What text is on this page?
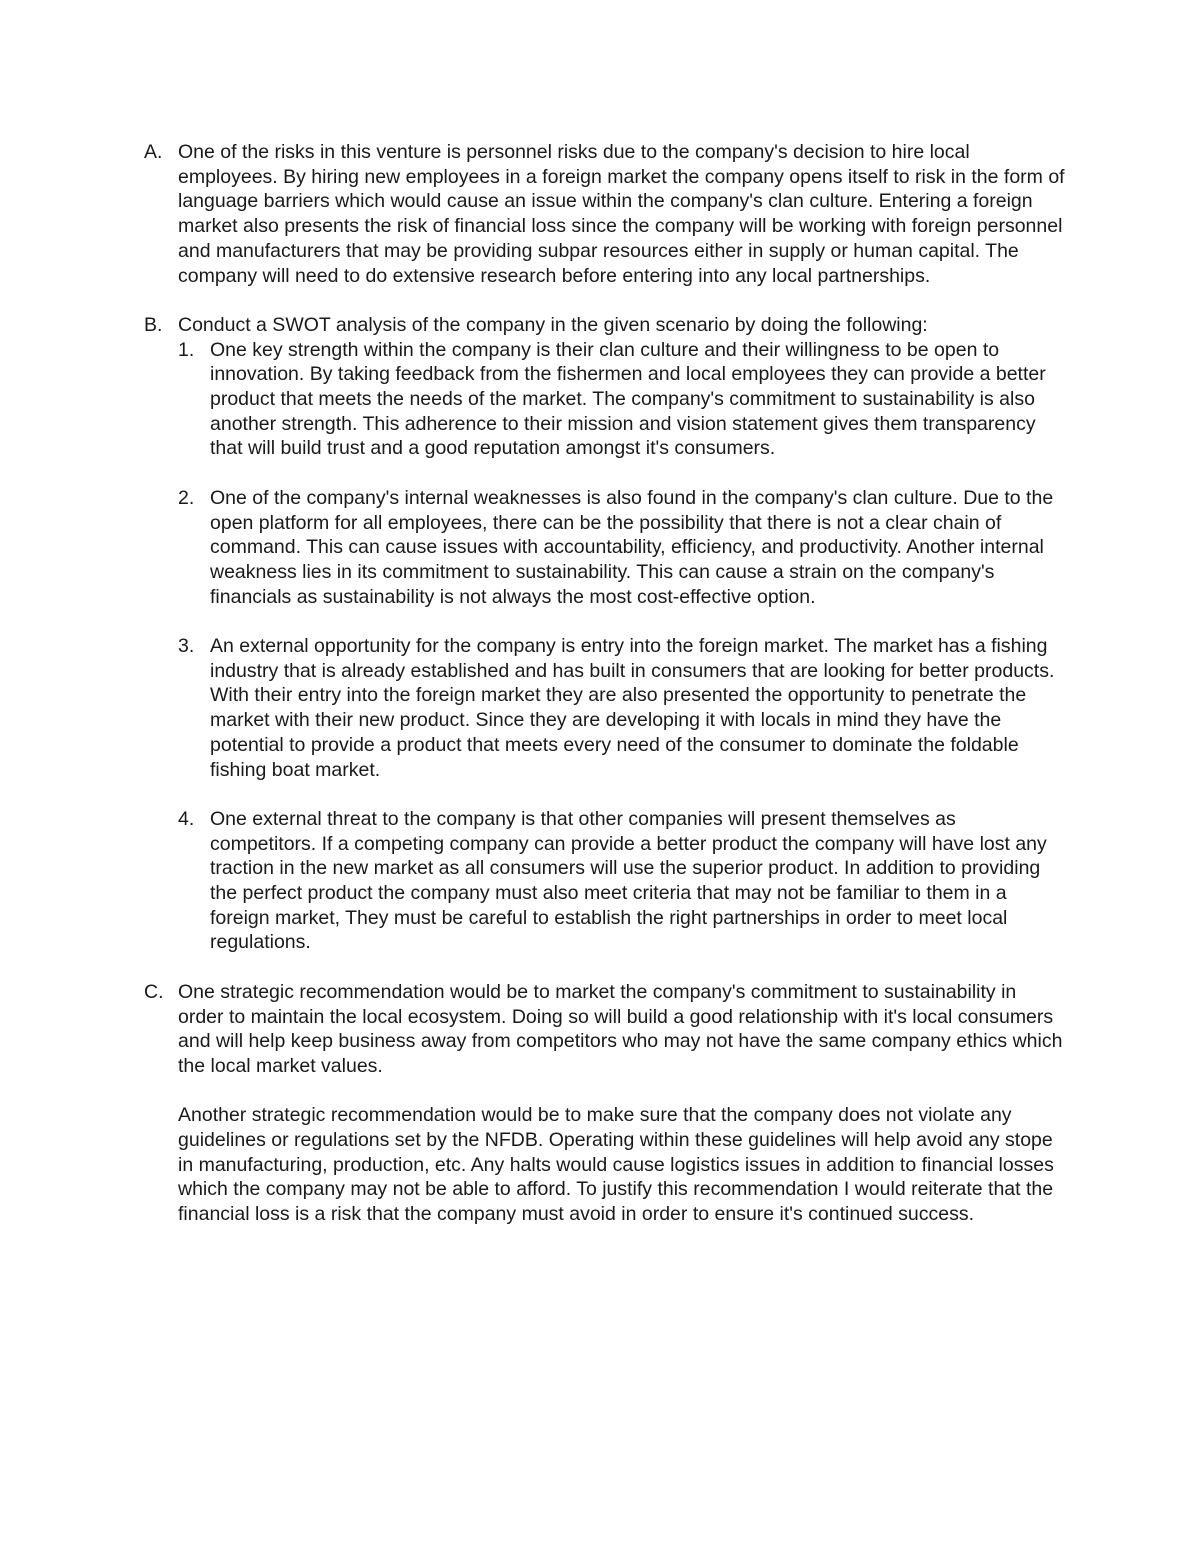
A. One of the risks in this venture is personnel risks due to the company's decision to hire local employees. By hiring new employees in a foreign market the company opens itself to risk in the form of language barriers which would cause an issue within the company's clan culture. Entering a foreign market also presents the risk of financial loss since the company will be working with foreign personnel and manufacturers that may be providing subpar resources either in supply or human capital. The company will need to do extensive research before entering into any local partnerships.

B. Conduct a SWOT analysis of the company in the given scenario by doing the following:

1. One key strength within the company is their clan culture and their willingness to be open to innovation. By taking feedback from the fishermen and local employees they can provide a better product that meets the needs of the market. The company's commitment to sustainability is also another strength. This adherence to their mission and vision statement gives them transparency that will build trust and a good reputation amongst it's consumers.

2. One of the company's internal weaknesses is also found in the company's clan culture. Due to the open platform for all employees, there can be the possibility that there is not a clear chain of command. This can cause issues with accountability, efficiency, and productivity. Another internal weakness lies in its commitment to sustainability. This can cause a strain on the company's financials as sustainability is not always the most cost-effective option.

3. An external opportunity for the company is entry into the foreign market. The market has a fishing industry that is already established and has built in consumers that are looking for better products. With their entry into the foreign market they are also presented the opportunity to penetrate the market with their new product. Since they are developing it with locals in mind they have the potential to provide a product that meets every need of the consumer to dominate the foldable fishing boat market.

4. One external threat to the company is that other companies will present themselves as competitors. If a competing company can provide a better product the company will have lost any traction in the new market as all consumers will use the superior product. In addition to providing the perfect product the company must also meet criteria that may not be familiar to them in a foreign market, They must be careful to establish the right partnerships in order to meet local regulations.

C. One strategic recommendation would be to market the company's commitment to sustainability in order to maintain the local ecosystem. Doing so will build a good relationship with it's local consumers and will help keep business away from competitors who may not have the same company ethics which the local market values.

Another strategic recommendation would be to make sure that the company does not violate any guidelines or regulations set by the NFDB. Operating within these guidelines will help avoid any stope in manufacturing, production, etc. Any halts would cause logistics issues in addition to financial losses which the company may not be able to afford. To justify this recommendation I would reiterate that the financial loss is a risk that the company must avoid in order to ensure it's continued success.
